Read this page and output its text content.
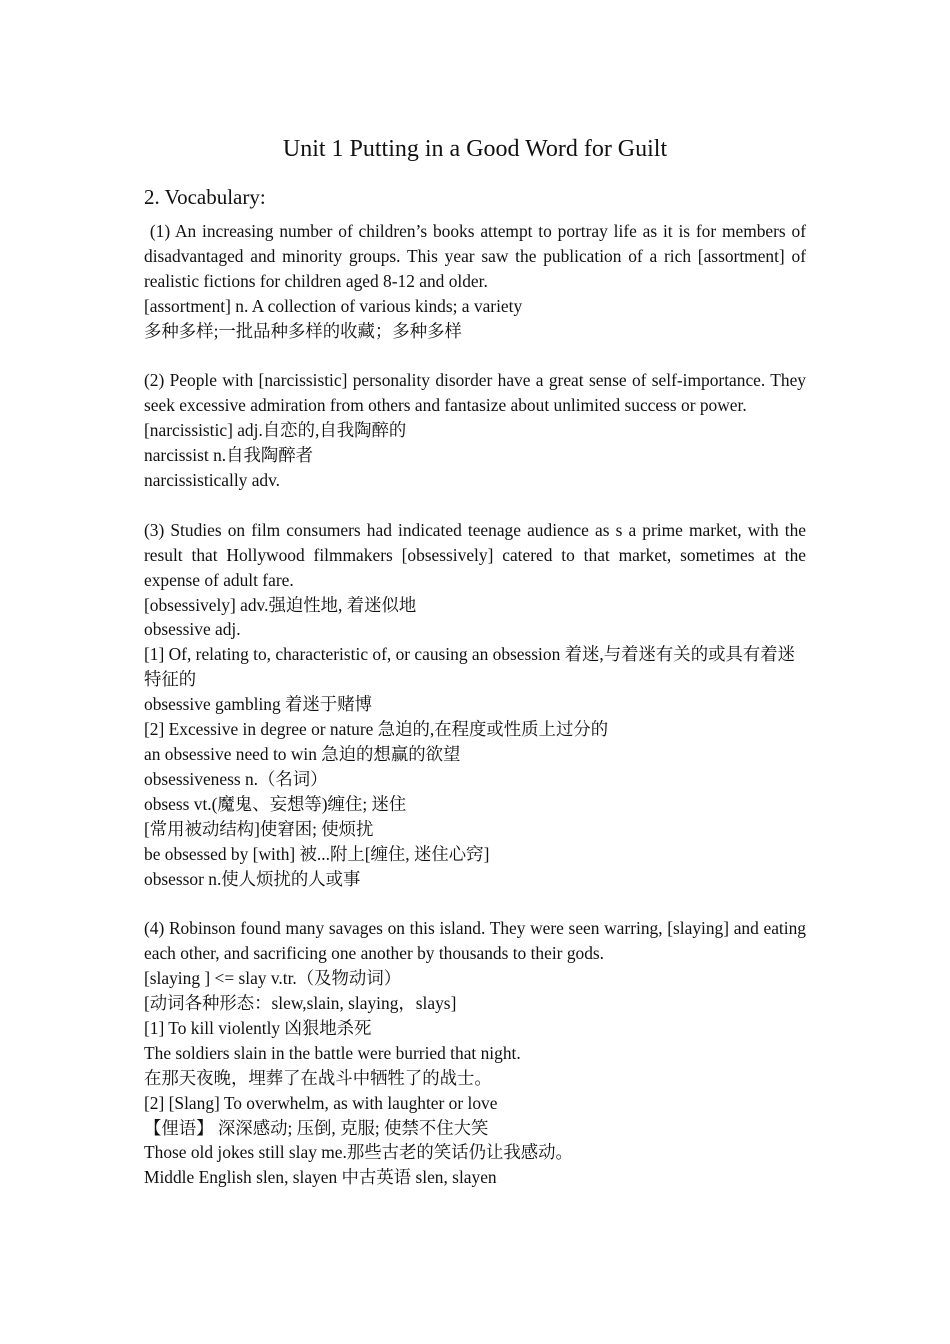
Unit 1 Putting in a Good Word for Guilt
2. Vocabulary:

(1) An increasing number of children’s books attempt to portray life as it is for members of disadvantaged and minority groups. This year saw the publication of a rich [assortment] of realistic fictions for children aged 8-12 and older.

[assortment] n. A collection of various kinds; a variety
多种多样;一批品种多样的收藏；多种多样

(2) People with [narcissistic] personality disorder have a great sense of self-importance. They seek excessive admiration from others and fantasize about unlimited success or power.

[narcissistic] adj.自恋的,自我陶醉的
narcissist n.自我陶醉者
narcissistically adv.

(3) Studies on film consumers had indicated teenage audience as s a prime market, with the result that Hollywood filmmakers [obsessively] catered to that market, sometimes at the expense of adult fare.

[obsessively] adv.强迫性地, 着迷似地
obsessive adj.
[1] Of, relating to, characteristic of, or causing an obsession 着迷,与着迷有关的或具有着迷特征的
obsessive gambling 着迷于赌博
[2] Excessive in degree or nature 急迫的,在程度或性质上过分的
an obsessive need to win 急迫的想赢的欲望
obsessiveness n.（名词）
obsess vt.(魔鬼、妄想等)缠住; 迷住
[常用被动结构]使窘困; 使烦扰
be obsessed by [with] 被...附上[缠住, 迷住心窍]
obsessor n.使人烦扰的人或事

(4) Robinson found many savages on this island. They were seen warring, [slaying] and eating each other, and sacrificing one another by thousands to their gods.

[slaying ] <= slay v.tr.（及物动词）
[动词各种形态：slew,slain, slaying，slays]
[1] To kill violently 凶狠地杀死
The soldiers slain in the battle were burried that night.
在那天夜晚，埋葬了在战斗中牺牲了的战士。
[2] [Slang] To overwhelm, as with laughter or love
【俚语】 深深感动; 压倒, 克服; 使禁不住大笑
Those old jokes still slay me.那些古老的笑话仍让我感动。
Middle English slen, slayen 中古英语 slen, slayen
